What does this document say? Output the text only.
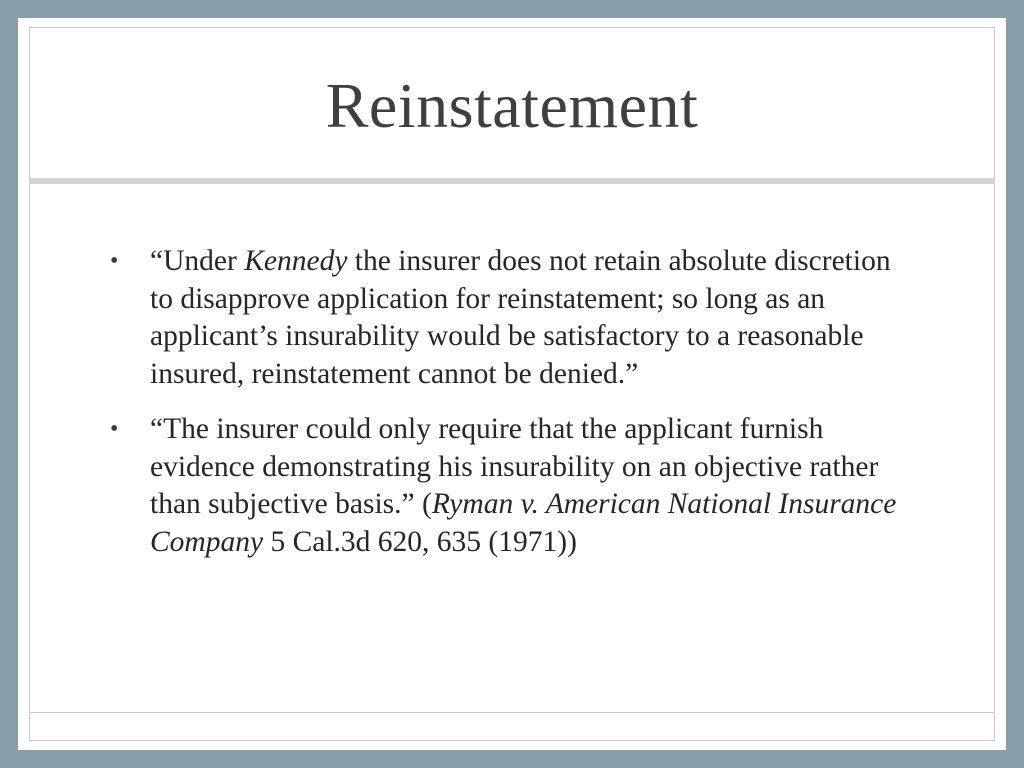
Reinstatement
•	“Under Kennedy the insurer does not retain absolute discretion to disapprove application for reinstatement; so long as an applicant’s insurability would be satisfactory to a reasonable insured, reinstatement cannot be denied.”
•	“The insurer could only require that the applicant furnish evidence demonstrating his insurability on an objective rather than subjective basis.” (Ryman v. American National Insurance Company 5 Cal.3d 620, 635 (1971))
